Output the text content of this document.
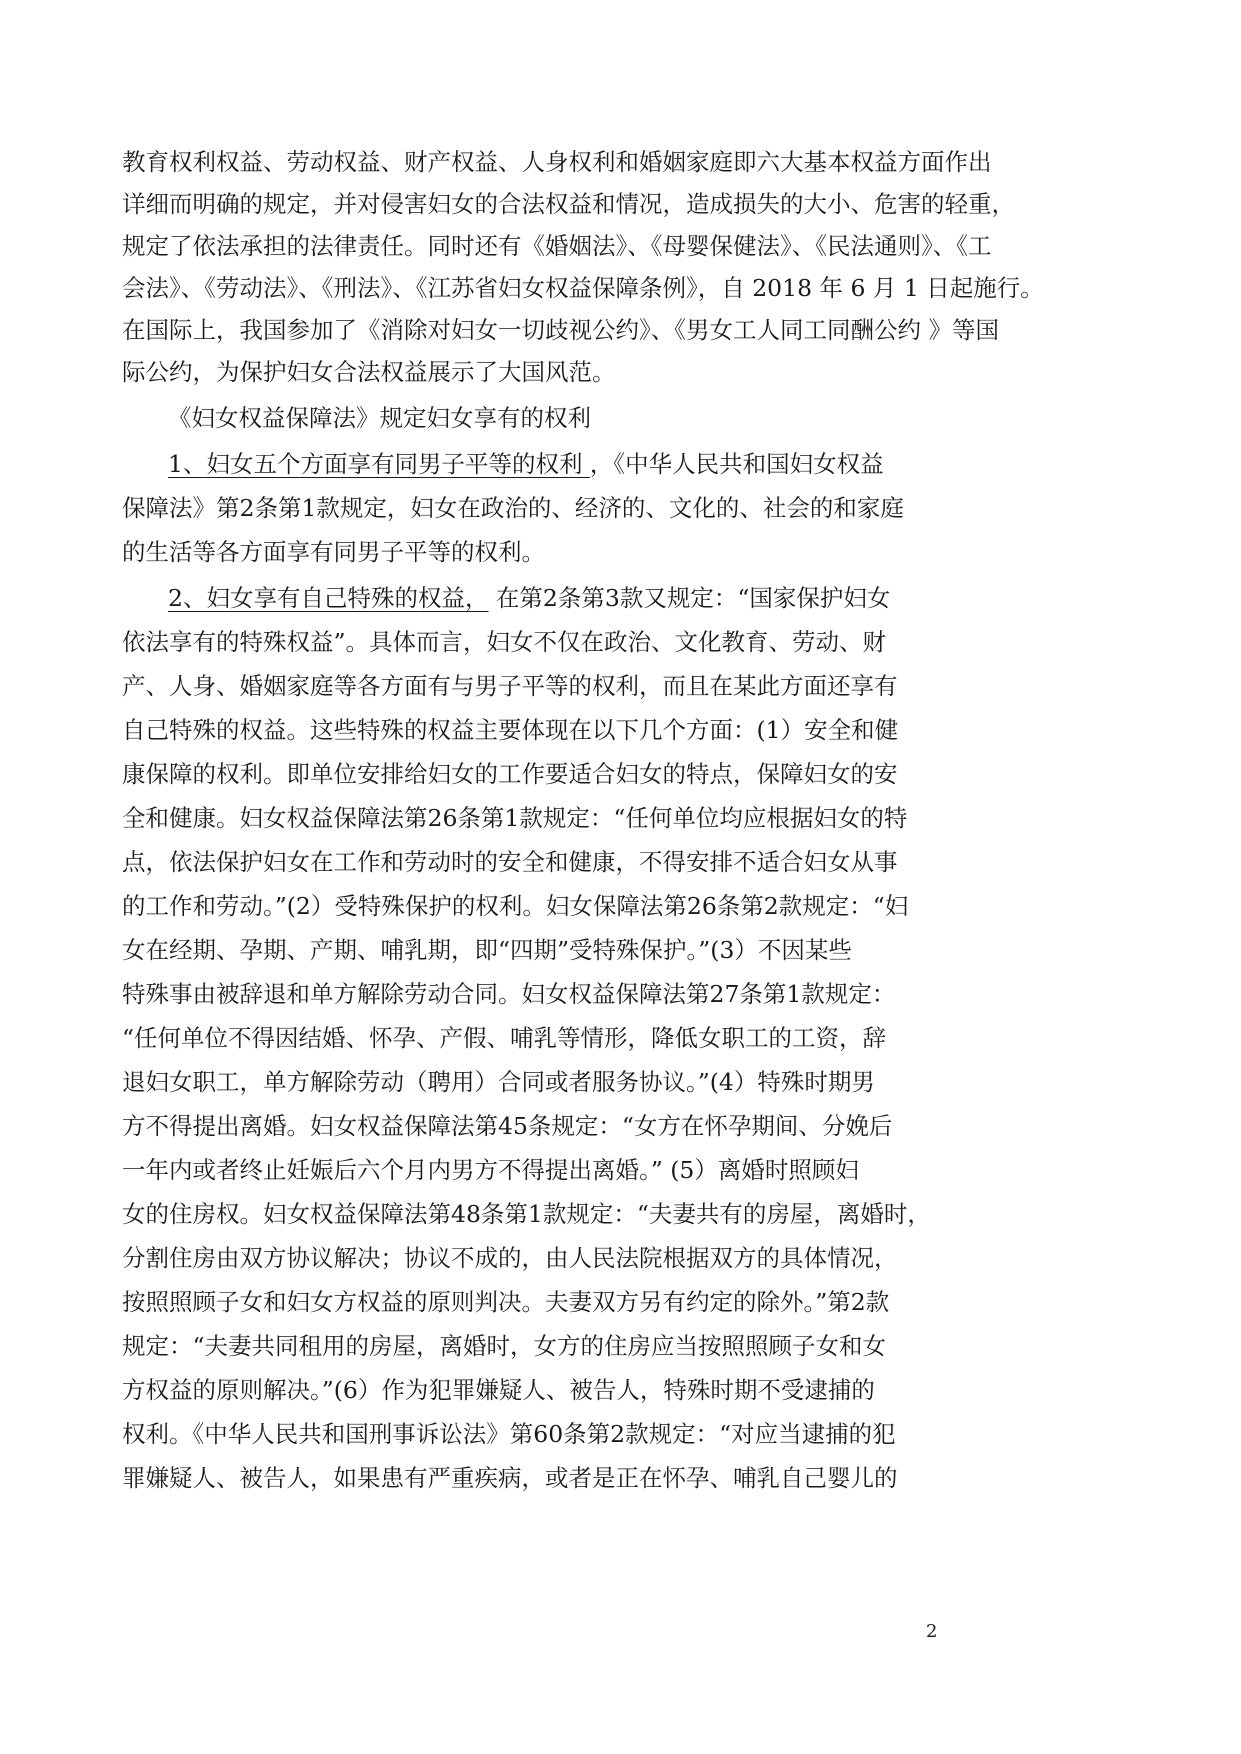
教育权利权益、劳动权益、财产权益、人身权利和婚姻家庭即六大基本权益方面作出
详细而明确的规定，并对侵害妇女的合法权益和情况，造成损失的大小、危害的轻重，
规定了依法承担的法律责任。同时还有《婚姻法》、《母婴保健法》、《民法通则》、《工
会法》、《劳动法》、《刑法》、《江苏省妇女权益保障条例》，自 2018 年 6 月 1 日起施行。
在国际上，我国参加了《消除对妇女一切歧视公约》、《男女工人同工同酬公约 》等国
际公约，为保护妇女合法权益展示了大国风范。
《妇女权益保障法》规定妇女享有的权利
1、妇女五个方面享有同男子平等的权利 ，《中华人民共和国妇女权益
保障法》第2条第1款规定，妇女在政治的、经济的、文化的、社会的和家庭
的生活等各方面享有同男子平等的权利。
2、妇女享有自己特殊的权益， 在第2条第3款又规定：“国家保护妇女
依法享有的特殊权益”。具体而言，妇女不仅在政治、文化教育、劳动、财
产、人身、婚姻家庭等各方面有与男子平等的权利，而且在某此方面还享有
自己特殊的权益。这些特殊的权益主要体现在以下几个方面：(1）安全和健
康保障的权利。即单位安排给妇女的工作要适合妇女的特点，保障妇女的安
全和健康。妇女权益保障法第26条第1款规定：“任何单位均应根据妇女的特
点，依法保护妇女在工作和劳动时的安全和健康，不得安排不适合妇女从事
的工作和劳动。”(2）受特殊保护的权利。妇女保障法第26条第2款规定：“妇
女在经期、孕期、产期、哺乳期，即“四期”受特殊保护。”(3）不因某些
特殊事由被辞退和单方解除劳动合同。妇女权益保障法第27条第1款规定：
“任何单位不得因结婚、怀孕、产假、哺乳等情形，降低女职工的工资，辞
退妇女职工，单方解除劳动（聘用）合同或者服务协议。”(4）特殊时期男
方不得提出离婚。妇女权益保障法第45条规定：“女方在怀孕期间、分娩后
一年内或者终止妊娠后六个月内男方不得提出离婚。” (5）离婚时照顾妇
女的住房权。妇女权益保障法第48条第1款规定：“夫妻共有的房屋，离婚时，
分割住房由双方协议解决；协议不成的，由人民法院根据双方的具体情况，
按照照顾子女和妇女方权益的原则判决。夫妻双方另有约定的除外。”第2款
规定：“夫妻共同租用的房屋，离婚时，女方的住房应当按照照顾子女和女
方权益的原则解决。”(6）作为犯罪嫌疑人、被告人，特殊时期不受逮捕的
权利。《中华人民共和国刑事诉讼法》第60条第2款规定：“对应当逮捕的犯
罪嫌疑人、被告人，如果患有严重疾病，或者是正在怀孕、哺乳自己婴儿的
2
